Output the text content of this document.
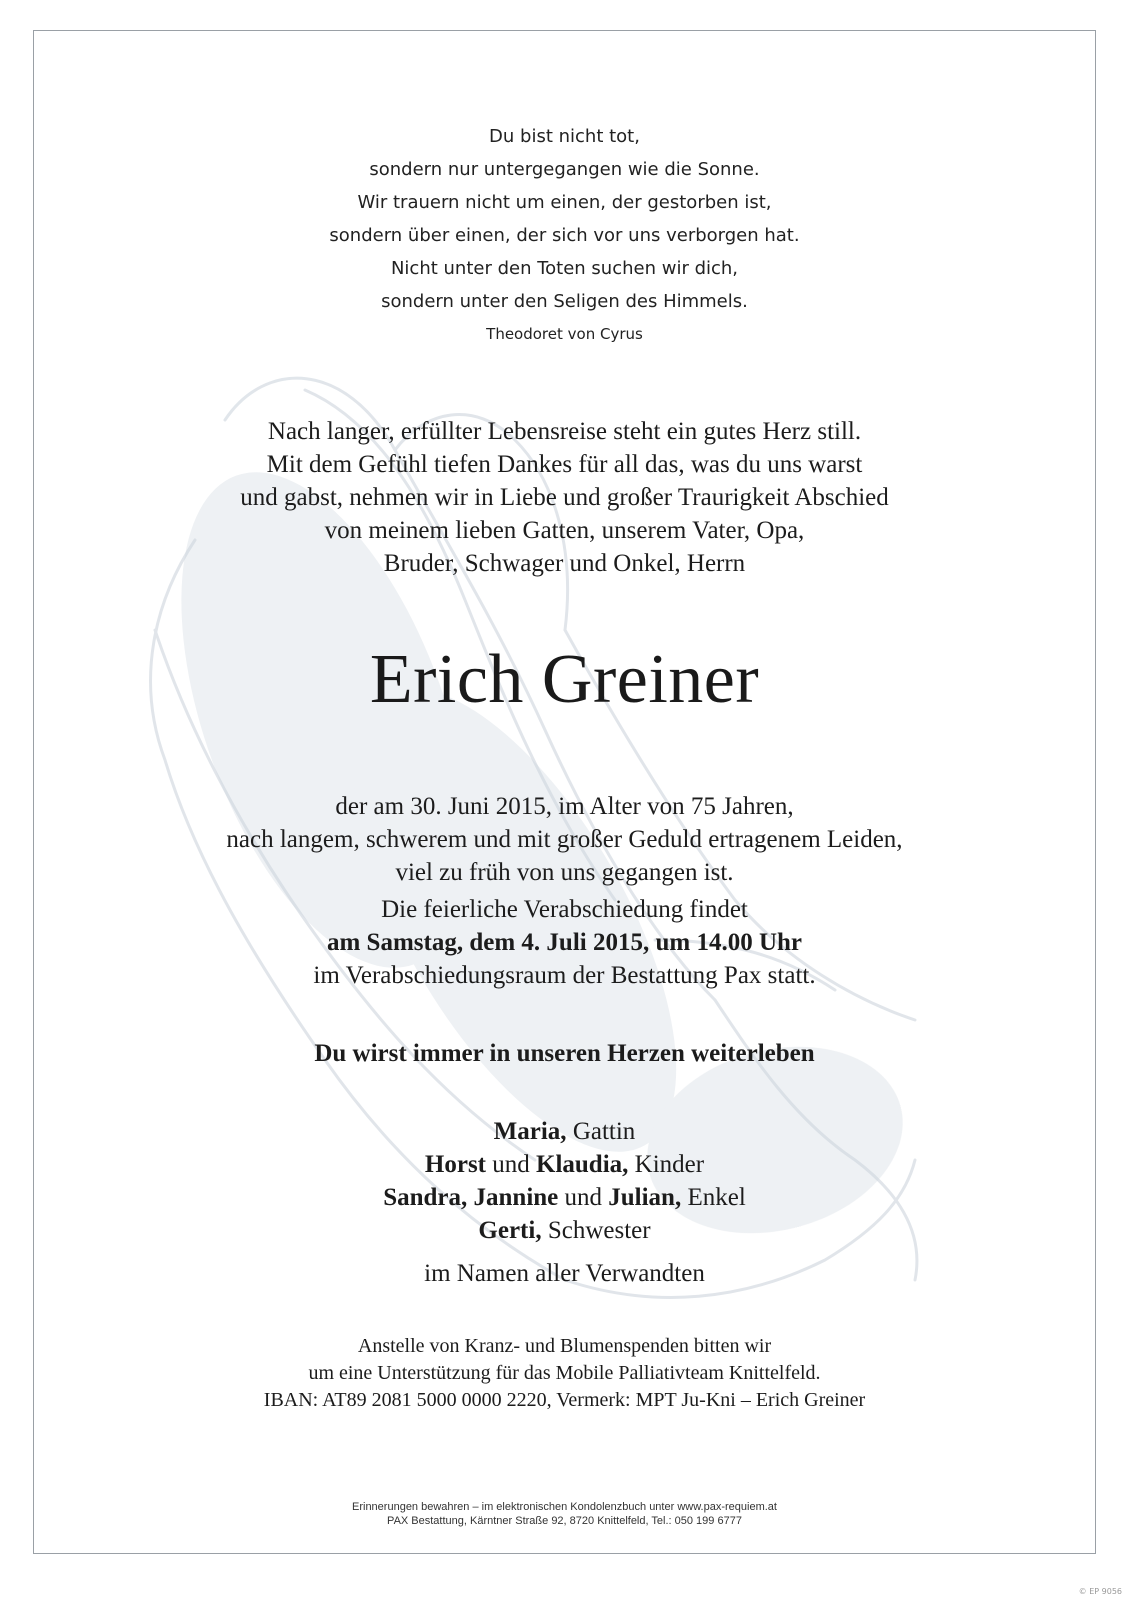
Du bist nicht tot,
sondern nur untergegangen wie die Sonne.
Wir trauern nicht um einen, der gestorben ist,
sondern über einen, der sich vor uns verborgen hat.
Nicht unter den Toten suchen wir dich,
sondern unter den Seligen des Himmels.
Theodoret von Cyrus
Nach langer, erfüllter Lebensreise steht ein gutes Herz still.
Mit dem Gefühl tiefen Dankes für all das, was du uns warst
und gabst, nehmen wir in Liebe und großer Traurigkeit Abschied
von meinem lieben Gatten, unserem Vater, Opa,
Bruder, Schwager und Onkel, Herrn
Erich Greiner
der am 30. Juni 2015, im Alter von 75 Jahren,
nach langem, schwerem und mit großer Geduld ertragenem Leiden,
viel zu früh von uns gegangen ist.
Die feierliche Verabschiedung findet
am Samstag, dem 4. Juli 2015, um 14.00 Uhr
im Verabschiedungsraum der Bestattung Pax statt.
Du wirst immer in unseren Herzen weiterleben
Maria, Gattin
Horst und Klaudia, Kinder
Sandra, Jannine und Julian, Enkel
Gerti, Schwester
im Namen aller Verwandten
Anstelle von Kranz- und Blumenspenden bitten wir
um eine Unterstützung für das Mobile Palliativteam Knittelfeld.
IBAN: AT89 2081 5000 0000 2220, Vermerk: MPT Ju-Kni – Erich Greiner
Erinnerungen bewahren – im elektronischen Kondolenzbuch unter www.pax-requiem.at
PAX Bestattung, Kärntner Straße 92, 8720 Knittelfeld, Tel.: 050 199 6777
© EP 9056
